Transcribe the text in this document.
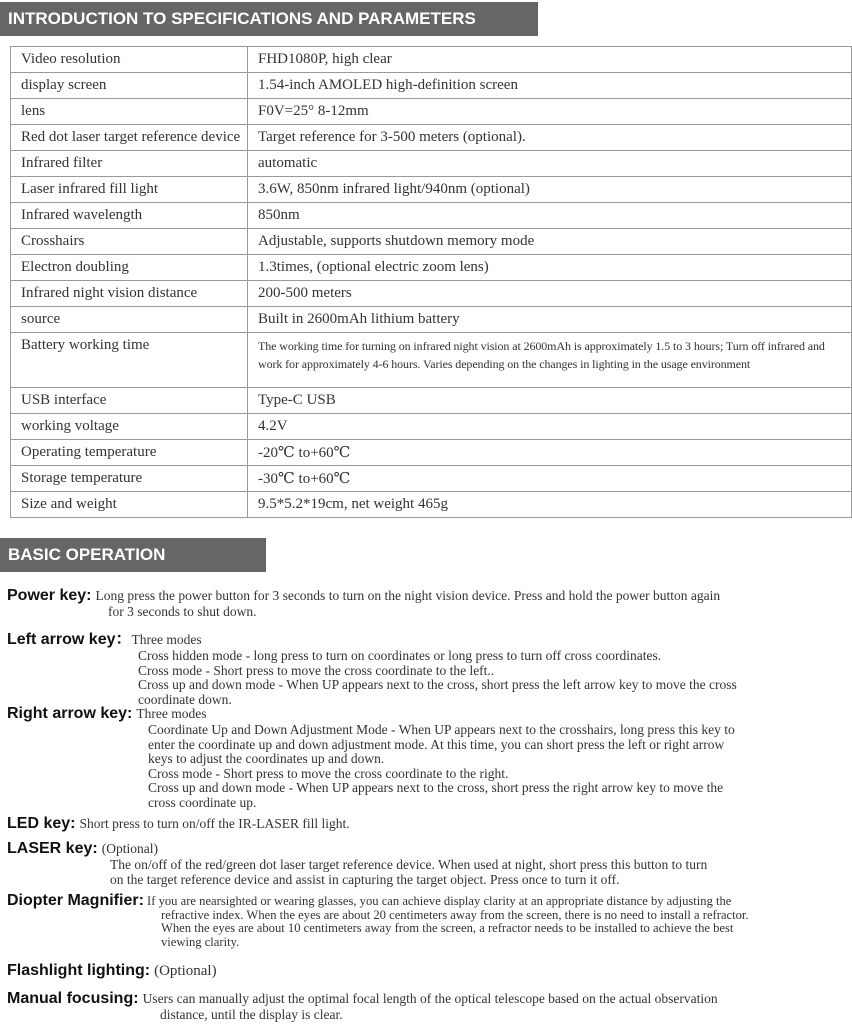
INTRODUCTION TO SPECIFICATIONS AND PARAMETERS
Video resolution	FHD1080P, high clear
display screen	1.54-inch AMOLED high-definition screen
lens	F0V=25° 8-12mm
Red dot laser target reference device	Target reference for 3-500 meters (optional).
Infrared filter	automatic
Laser infrared fill light	3.6W, 850nm infrared light/940nm (optional)
Infrared wavelength	850nm
Crosshairs	Adjustable, supports shutdown memory mode
Electron doubling	1.3times, (optional electric zoom lens)
Infrared night vision distance	200-500 meters
source	Built in 2600mAh lithium battery
Battery working time	The working time for turning on infrared night vision at 2600mAh is approximately 1.5 to 3 hours; Turn off infrared and work for approximately 4-6 hours. Varies depending on the changes in lighting in the usage environment
USB interface	Type-C USB
working voltage	4.2V
Operating temperature	-20℃ to+60℃
Storage temperature	-30℃ to+60℃
Size and weight	9.5*5.2*19cm, net weight 465g
BASIC OPERATION
Power key: Long press the power button for 3 seconds to turn on the night vision device. Press and hold the power button again
for 3 seconds to shut down.
Left arrow key：Three modes
Cross hidden mode - long press to turn on coordinates or long press to turn off cross coordinates.
Cross mode - Short press to move the cross coordinate to the left..
Cross up and down mode - When UP appears next to the cross, short press the left arrow key to move the cross
coordinate down.
Right arrow key: Three modes
Coordinate Up and Down Adjustment Mode - When UP appears next to the crosshairs, long press this key to
enter the coordinate up and down adjustment mode. At this time, you can short press the left or right arrow
keys to adjust the coordinates up and down.
Cross mode - Short press to move the cross coordinate to the right.
Cross up and down mode - When UP appears next to the cross, short press the right arrow key to move the
cross coordinate up.
LED key: Short press to turn on/off the IR-LASER fill light.
LASER key: (Optional)
The on/off of the red/green dot laser target reference device. When used at night, short press this button to turn
on the target reference device and assist in capturing the target object. Press once to turn it off.
Diopter Magnifier: If you are nearsighted or wearing glasses, you can achieve display clarity at an appropriate distance by adjusting the
refractive index. When the eyes are about 20 centimeters away from the screen, there is no need to install a refractor.
When the eyes are about 10 centimeters away from the screen, a refractor needs to be installed to achieve the best
viewing clarity.
Flashlight lighting: (Optional)
Manual focusing: Users can manually adjust the optimal focal length of the optical telescope based on the actual observation
distance, until the display is clear.
